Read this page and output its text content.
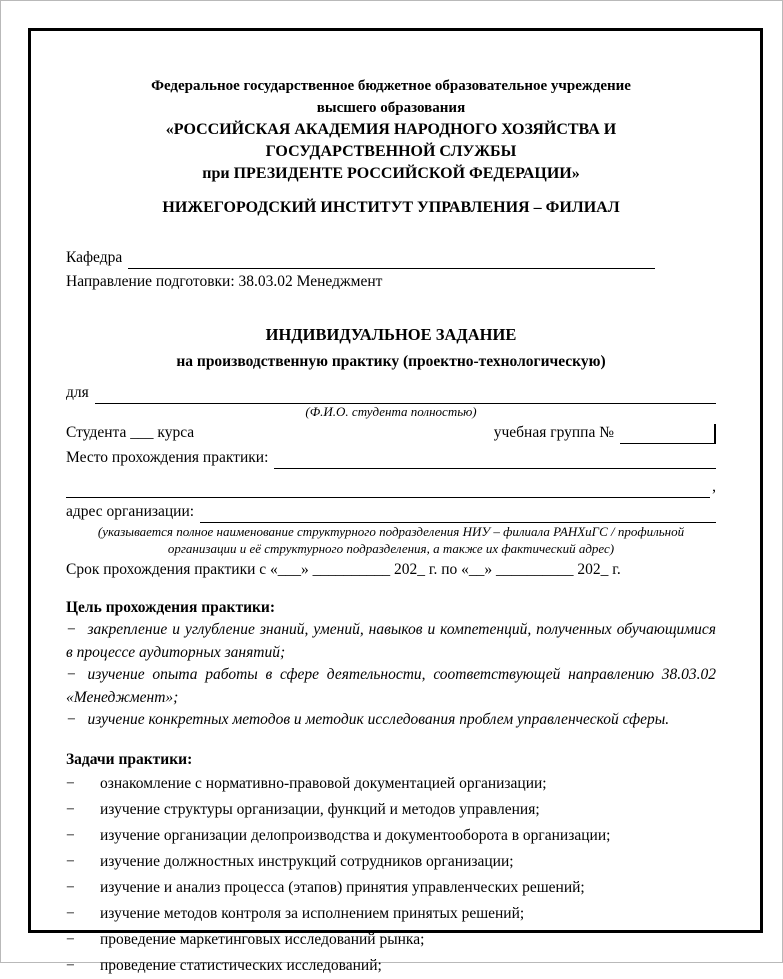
Федеральное государственное бюджетное образовательное учреждение
высшего образования
«РОССИЙСКАЯ АКАДЕМИЯ НАРОДНОГО ХОЗЯЙСТВА И
ГОСУДАРСТВЕННОЙ СЛУЖБЫ
при ПРЕЗИДЕНТЕ РОССИЙСКОЙ ФЕДЕРАЦИИ»
НИЖЕГОРОДСКИЙ ИНСТИТУТ УПРАВЛЕНИЯ – ФИЛИАЛ
Кафедра
Направление подготовки: 38.03.02 Менеджмент
ИНДИВИДУАЛЬНОЕ ЗАДАНИЕ
на производственную практику (проектно-технологическую)
для
(Ф.И.О. студента полностью)
Студента ___ курса	учебная группа №
Место прохождения практики:
,
адрес организации:
(указывается полное наименование структурного подразделения НИУ – филиала РАНХиГС / профильной
организации и её структурного подразделения, а также их фактический адрес)
Срок прохождения практики с «___» __________ 202_ г. по «__» __________ 202_ г.
Цель прохождения практики:

− закрепление и углубление знаний, умений, навыков и компетенций, полученных обучающимися в процессе аудиторных занятий;

− изучение опыта работы в сфере деятельности, соответствующей направлению 38.03.02 «Менеджмент»;

− изучение конкретных методов и методик исследования проблем управленческой сферы.

Задачи практики:
−	ознакомление с нормативно-правовой документацией организации;
−	изучение структуры организации, функций и методов управления;
−	изучение организации делопроизводства и документооборота в организации;
−	изучение должностных инструкций сотрудников организации;
−	изучение и анализ процесса (этапов) принятия управленческих решений;
−	изучение методов контроля за исполнением принятых решений;
−	проведение маркетинговых исследований рынка;
−	проведение статистических исследований;
